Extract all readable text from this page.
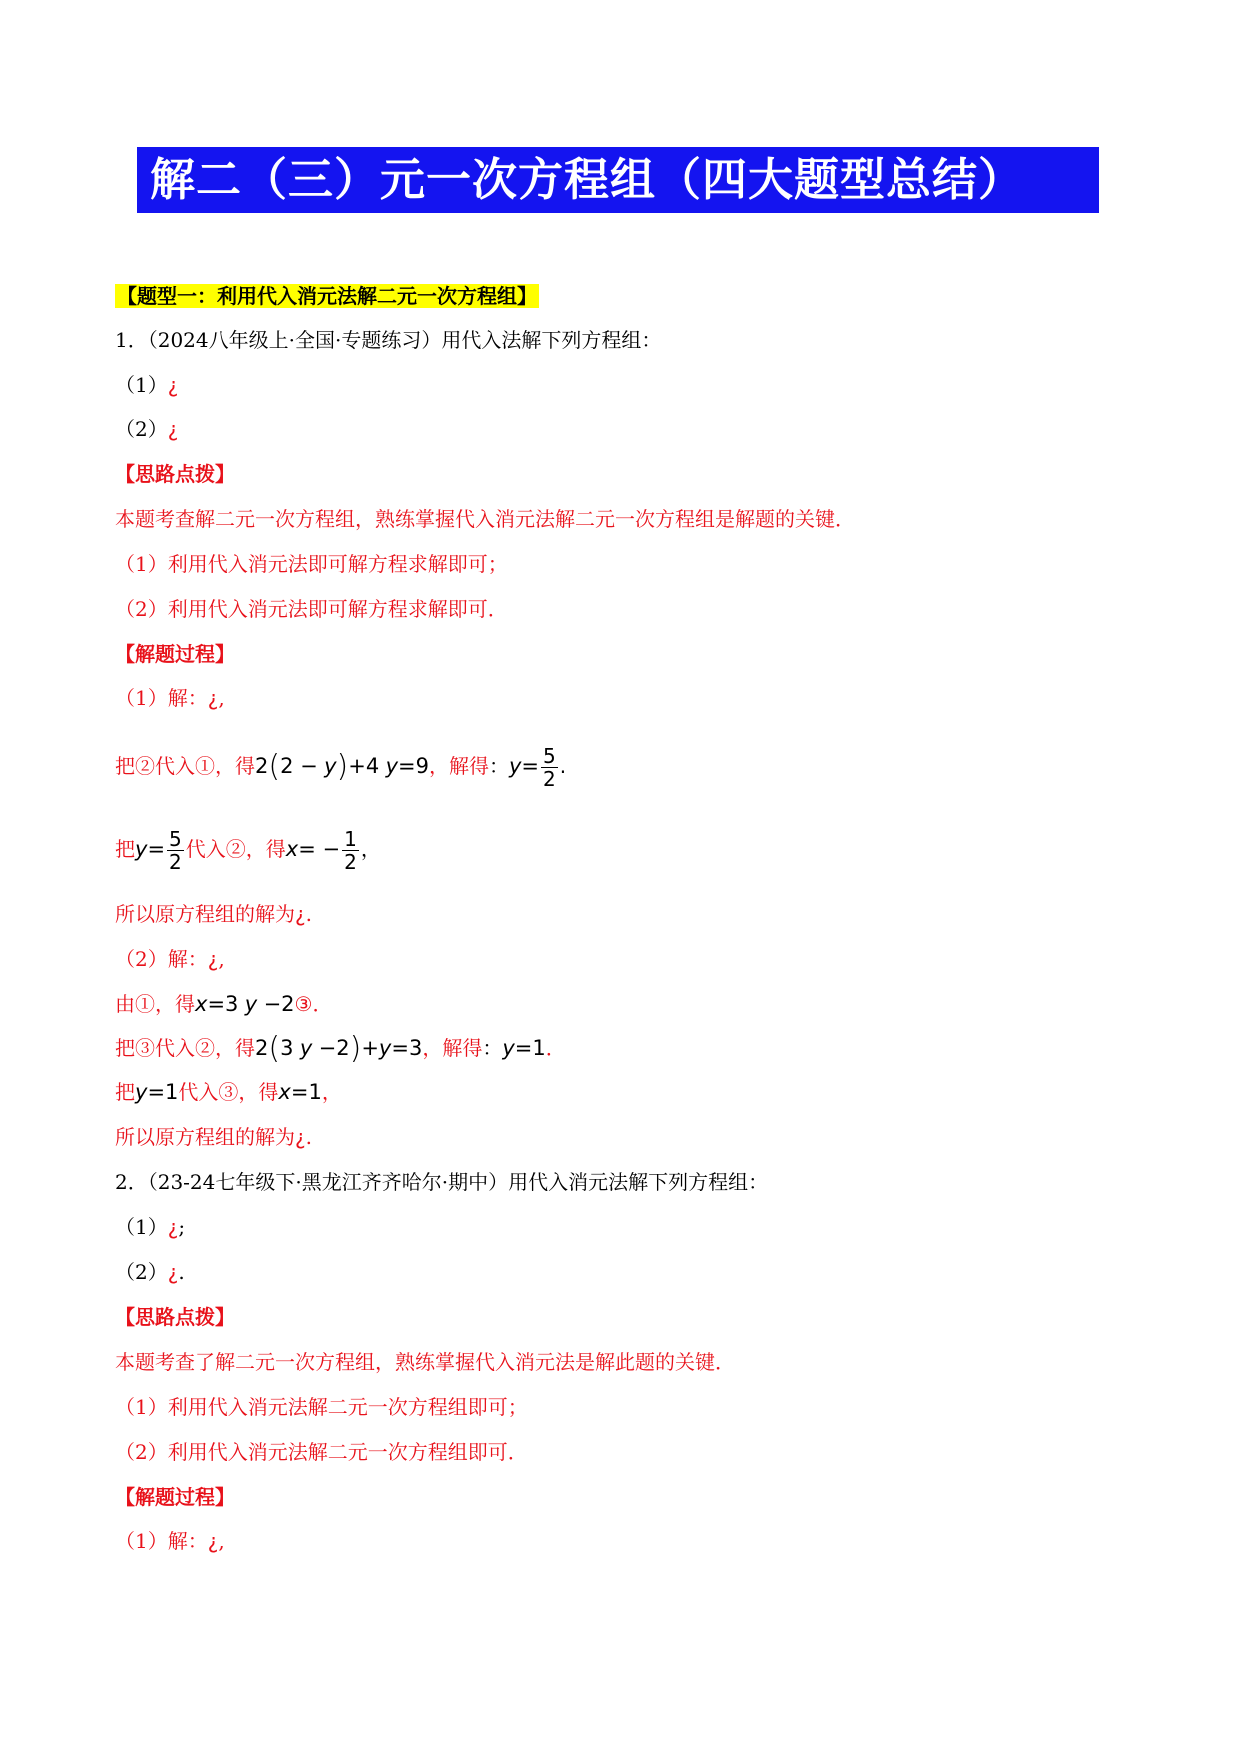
解二（三）元一次方程组（四大题型总结）
【题型一：利用代入消元法解二元一次方程组】
1．（2024八年级上·全国·专题练习）用代入法解下列方程组：
（1）¿
（2）¿
【思路点拨】
本题考查解二元一次方程组，熟练掌握代入消元法解二元一次方程组是解题的关键．
（1）利用代入消元法即可解方程求解即可；
（2）利用代入消元法即可解方程求解即可．
【解题过程】
（1）解：¿,
把②代入①，得2(2 − y)+4 y=9，解得：$y= \frac{5}{2}$ .
把$y= \frac{5}{2}$ 代入②，得$x= - \frac{1}{2}$ ，
所以原方程组的解为¿.
（2）解：¿,
由①，得x=3 y −2③．
把③代入②，得2(3 y −2)+y=3，解得：y=1．
把y=1代入③，得x=1，
所以原方程组的解为¿.
2．（23-24七年级下·黑龙江齐齐哈尔·期中）用代入消元法解下列方程组：
（1）¿;
（2）¿.
【思路点拨】
本题考查了解二元一次方程组，熟练掌握代入消元法是解此题的关键．
（1）利用代入消元法解二元一次方程组即可；
（2）利用代入消元法解二元一次方程组即可．
【解题过程】
（1）解：¿,
